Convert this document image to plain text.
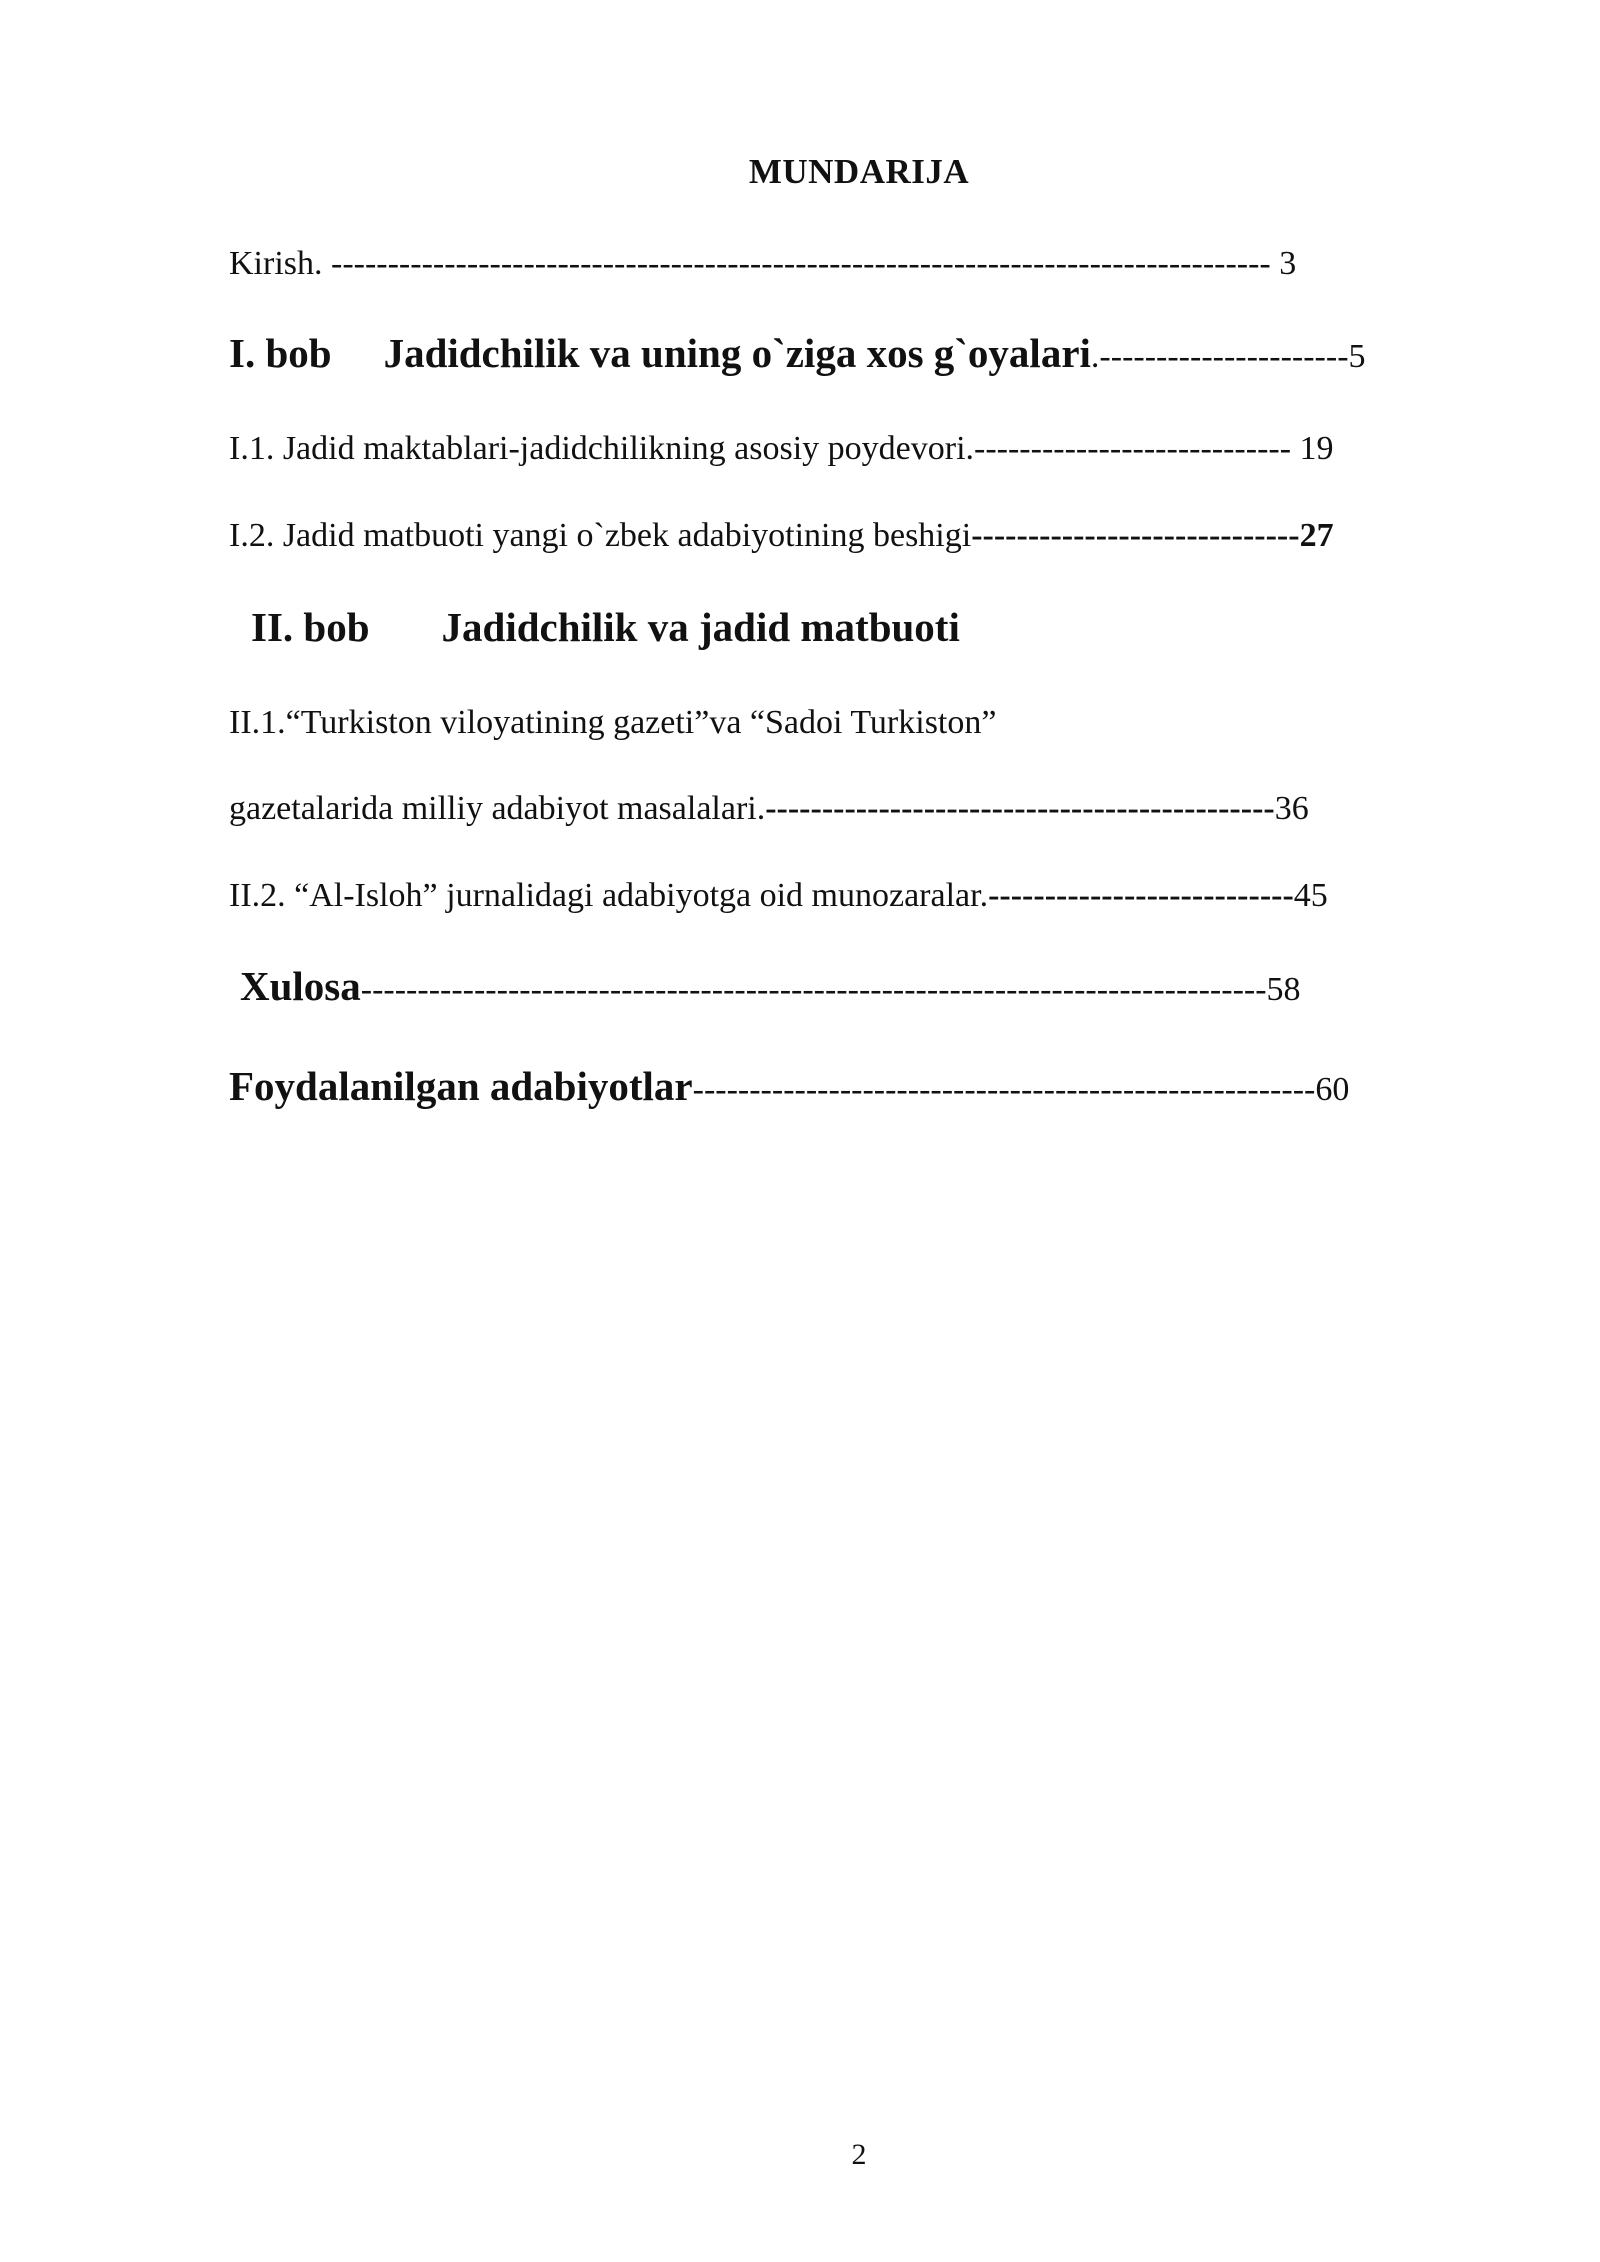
MUNDARIJA
Kirish. ----------------------------------------------------------------------------------- 3
I. bob Jadidchilik va uning o`ziga xos g`oyalari.----------------------5
I.1. Jadid maktablari-jadidchilikning asosiy poydevori.---------------------------- 19
I.2. Jadid matbuoti yangi o`zbek adabiyotining beshigi-----------------------------27
II. bob Jadidchilik va jadid matbuoti
II.1.“Turkiston viloyatining gazeti”va “Sadoi Turkiston”
gazetalarida milliy adabiyot masalalari.---------------------------------------------36
II.2. “Al-Isloh” jurnalidagi adabiyotga oid munozaralar.---------------------------45
Xulosa--------------------------------------------------------------------------------58
Foydalanilgan adabiyotlar-------------------------------------------------------60
2
